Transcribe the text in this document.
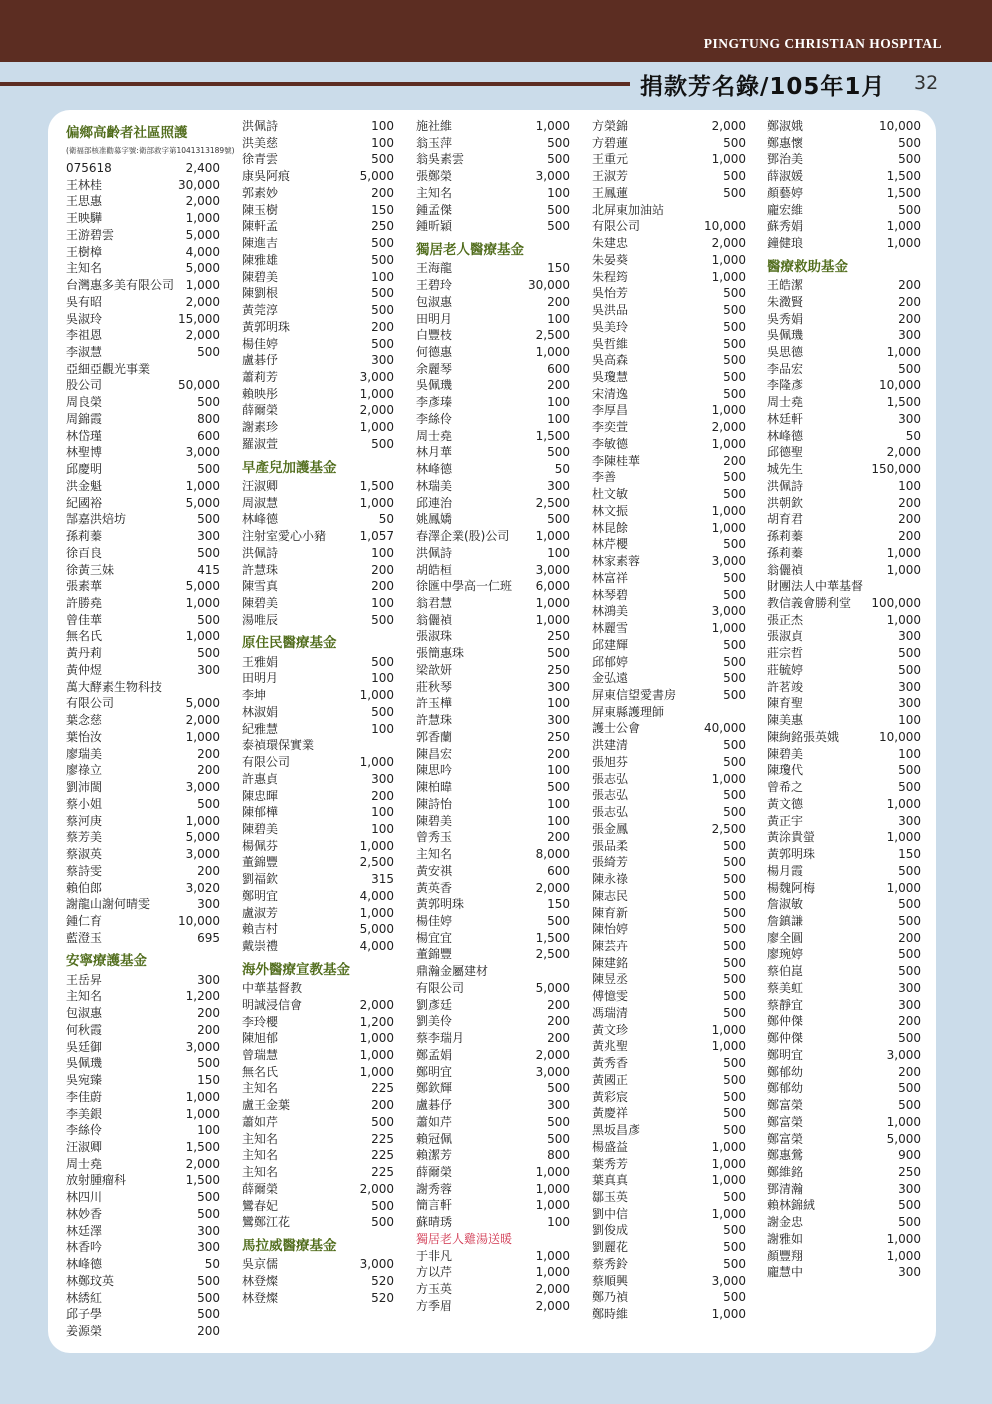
PINGTUNG CHRISTIAN HOSPITAL
捐款芳名錄/105年1月 32
偏鄉高齡者社區照護
(衛福部核准勸募字號:衛部救字第1041313189號)
075618	2,400
王林桂	30,000
王思惠	2,000
王映驊	1,000
王游碧雲	5,000
王樹樟	4,000
主知名	5,000
台灣惠多美有限公司 1,000
吳有昭	2,000
吳淑玲	15,000
李祖恩	2,000
李淑慧	500
亞細亞觀光事業
股公司	50,000
周良榮	500
周錦霞	800
林岱瑾	600
林聖博	3,000
邱慶明	500
洪金魁	1,000
紀國裕	5,000
郜嘉洪焙坊	500
孫莉蓁	300
徐百良	500
徐黃三妹	415
張素華	5,000
許勝堯	1,000
曾佳華	500
無名氏	1,000
黃丹莉	500
黃仲煜	300
萬大酵素生物科技
有限公司	5,000
葉念慈	2,000
葉怡汝	1,000
廖瑞美	200
廖祿立	200
劉沛閩	3,000
蔡小姐	500
蔡河庚	1,000
蔡芳美	5,000
蔡淑英	3,000
蔡詩雯	200
賴伯郎	3,020
謝龍山謝何晴雯	300
鍾仁育	10,000
藍澄玉	695
安寧療護基金
王岳昇	300
主知名	1,200
包淑惠	200
何秋霞	200
吳廷御	3,000
吳佩璣	500
吳宛臻	150
李佳蔚	1,000
李美銀	1,000
李絲伶	100
汪淑卿	1,500
周士堯	2,000
放射腫瘤科	1,500
林四川	500
林妙香	500
林廷澤	300
林香吟	300
林峰德	50
林鄭玟英	500
林綉紅	500
邱子學	500
姜源榮	200
洪佩詩	100
洪美慈	100
徐青雲	500
康吳阿痕	5,000
郭素妙	200
陳玉樹	150
陳軒孟	250
陳進吉	500
陳雅雄	500
陳碧美	100
陳劉根	500
黃莞淳	500
黃郭明珠	200
楊佳婷	500
盧碁伃	300
蕭莉芳	3,000
賴映彤	1,000
薛爾榮	2,000
謝素珍	1,000
羅淑萱	500
早產兒加護基金
汪淑卿	1,500
周淑慧	1,000
林峰德	50
注射室愛心小豬	1,057
洪佩詩	100
許慧珠	200
陳雪真	200
陳碧美	100
湯唯辰	500
原住民醫療基金
王雅娟	500
田明月	100
李坤	1,000
林淑娟	500
紀雅慧	100
泰禎環保實業
有限公司	1,000
許惠貞	300
陳忠暉	200
陳郁樺	100
陳碧美	100
楊佩芬	1,000
董錦豐	2,500
劉福欽	315
鄭明宜	4,000
盧淑芳	1,000
賴吉村	5,000
戴崇禮	4,000
海外醫療宣教基金
中華基督教
明誠浸信會	2,000
李玲櫻	1,200
陳旭郁	1,000
曾瑞慧	1,000
無名氏	1,000
主知名	225
盧王金葉	200
蕭如芹	500
主知名	225
主知名	225
主知名	225
薛爾榮	2,000
鸞春妃	500
鸞鄭江花	500
馬拉威醫療基金
吳京儒	3,000
林登燦	520
林登燦	520
施社維	1,000
翁玉萍	500
翁吳素雲	500
張鄭榮	3,000
主知名	100
鍾孟傑	500
鍾昕穎	500
獨居老人醫療基金
王海龍	150
王碧玲	30,000
包淑惠	200
田明月	100
白豐枝	2,500
何德惠	1,000
余麗琴	600
吳佩璣	200
李彥瑧	100
李絲伶	100
周士堯	1,500
林月華	500
林峰德	50
林瑞美	300
邱連治	2,500
姚鳳嬌	500
春澤企業(股)公司 1,000
洪佩詩	100
胡皓桓	3,000
徐匯中學高一仁班 6,000
翁君慧	1,000
翁儷禎	1,000
張淑珠	250
張簡惠珠	500
梁歆妍	250
莊秋琴	300
許玉樺	100
許慧珠	300
郭香蘭	250
陳昌宏	200
陳思吟	100
陳柏暐	500
陳詩怡	100
陳碧美	100
曾秀玉	200
主知名	8,000
黃安祺	600
黃英香	2,000
黃郭明珠	150
楊佳婷	500
楊宜宜	1,500
董錦豐	2,500
鼎瀚金屬建材
有限公司	5,000
劉彥廷	200
劉美伶	200
蔡李瑞月	200
鄭孟娟	2,000
鄭明宜	3,000
鄭欽輝	500
盧碁伃	300
蕭如芹	500
賴冠佩	500
賴潔芳	800
薛爾榮	1,000
謝秀蓉	1,000
簡言軒	1,000
蘇晴琇	100
獨居老人雞湯送暖
于非凡	1,000
方以芹	1,000
方玉英	2,000
方季眉	2,000
方榮錦	2,000
方碧蓮	500
王重元	1,000
王淑芳	500
王鳳蓮	500
北屏東加油站
有限公司	10,000
朱建忠	2,000
朱晏葵	1,000
朱程筠	1,000
吳怡芳	500
吳洪品	500
吳美玲	500
吳哲維	500
吳高森	500
吳瓊慧	500
宋清逸	500
李厚昌	1,000
李奕萱	2,000
李敏德	1,000
李陳桂華	200
李善	500
杜文敏	500
林文振	1,000
林昆餘	1,000
林芹櫻	500
林家素蓉	3,000
林富祥	500
林琴碧	500
林鴻美	3,000
林麗雪	1,000
邱建輝	500
邱郁婷	500
金弘遠	500
屏東信望愛書房	500
屏東縣護理師
護士公會	40,000
洪建清	500
張旭芬	500
張志弘	1,000
張志弘	500
張志弘	500
張金鳳	2,500
張品柔	500
張綺芳	500
陳永祿	500
陳志民	500
陳育新	500
陳怡婷	500
陳芸卉	500
陳建銘	500
陳昱丞	500
傅憶雯	500
馮瑞清	500
黃文珍	1,000
黃兆聖	1,000
黃秀香	500
黃國正	500
黃彩宸	500
黃慶祥	500
黑坂昌彥	500
楊盛益	1,000
葉秀芳	1,000
葉真真	1,000
鄒玉英	500
劉中信	1,000
劉俊成	500
劉麗花	500
蔡秀鈴	500
蔡順興	3,000
鄭乃禎	500
鄭時維	1,000
鄭淑娥	10,000
鄭惠懷	500
鄧治美	500
薛淑媛	1,500
顏藝婷	1,500
龐宏維	500
蘇秀娟	1,000
鐘健琅	1,000
醫療救助基金
王皓潔	200
朱瀓賢	200
吳秀娟	200
吳佩璣	300
吳思德	1,000
李品宏	500
李隆彥	10,000
周士堯	1,500
林廷軒	300
林峰德	50
邱德聖	2,000
城先生	150,000
洪佩詩	100
洪朝欽	200
胡育君	200
孫莉蓁	200
孫莉蓁	1,000
翁儷禎	1,000
財團法人中華基督
教信義會勝利堂 100,000
張正杰	1,000
張淑貞	300
莊宗哲	500
莊毓婷	500
許茗竣	300
陳育聖	300
陳美惠	100
陳絢銘張英娥	10,000
陳碧美	100
陳瓊代	500
曾希之	500
黃文德	1,000
黃正宇	300
黃涂貴螢	1,000
黃郭明珠	150
楊月霞	500
楊魏阿梅	1,000
詹淑敏	500
詹鎮謙	500
廖全圓	200
廖琬婷	500
蔡伯崑	500
蔡美虹	300
蔡靜宜	300
鄭仲傑	200
鄭仲傑	500
鄭明宜	3,000
鄭郁幼	200
鄭郁幼	500
鄭富榮	500
鄭富榮	1,000
鄭富榮	5,000
鄭惠鶯	900
鄭維銘	250
鄧清瀚	300
賴林錦絨	500
謝金忠	500
謝雅如	1,000
顏豐翔	1,000
龐慧中	300
